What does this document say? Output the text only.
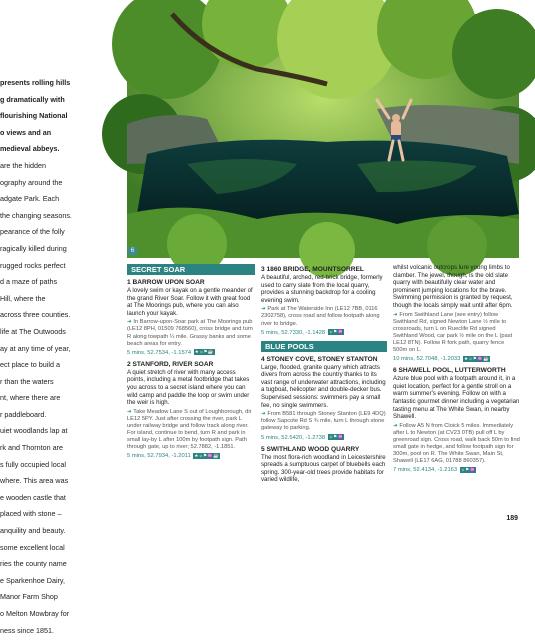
presents rolling hills

g dramatically with

flourishing National

o views and an

medieval abbeys.

are the hidden

ography around the

adgate Park. Each

the changing seasons.

pearance of the folly

ragically killed during

rugged rocks perfect

d a maze of paths

Hill, where the

across three counties.

life at The Outwoods

ay at any time of year,

ect place to build a

r than the waters

nt, where there are

r paddleboard.

uiet woodlands lap at

rk and Thornton are

s fully occupied local

where. This area was

e wooden castle that

placed with stone –

anquility and beauty.

some excellent local

ries the county name

e Sparkenhoe Dairy,

Manor Farm Shop

o Melton Mowbray for

ness since 1851.

6
SECRET SOAR
1 BARROW UPON SOAR
A lovely swim or kayak on a gentle meander of the grand River Soar. Follow it with great food at The Moorings pub, where you can also launch your kayak.
➜ In Barrow-upon-Soar park at The Moorings pub (LE12 8PH, 01509 768560), cross bridge and turn R along towpath ¼ mile. Grassy banks and some beach areas for entry.
5 mins, 52.7534, -1.1574 ★☼⚑☕
2 STANFORD, RIVER SOAR
A quiet stretch of river with many access points, including a metal footbridge that takes you across to a secret island where you can wild camp and paddle the loop or swim under the weir is high.
➜ Take Meadow Lane S out of Loughborough, dir LE12 5PY. Just after crossing the river, park L under railway bridge and follow track along river. For island, continue to bend, turn R and park in small lay-by L after 100m by footpath sign. Path through gate, up to river; 52.7882, -1.1851.
5 mins, 52.7934, -1.2011 ★☼⚑♒☕
3 1860 BRIDGE, MOUNTSORREL
A beautiful, arched, red-brick bridge, formerly used to carry slate from the local quarry, provides a stunning backdrop for a cooling evening swim.
➜ Park at The Waterside Inn (LE12 7BB, 0116 2302758), cross road and follow footpath along river to bridge.
5 mins, 52.7330, -1.1428 ☼⚑♒
BLUE POOLS
4 STONEY COVE, STONEY STANTON
Large, flooded, granite quarry which attracts divers from across the country thanks to its vast range of underwater attractions, including a tugboat, helicopter and double-decker bus. Supervised sessions: swimmers pay a small fee, no single swimmers.
➜ From B581 through Stoney Stanton (LE9 4DQ) follow Sapcote Rd S ¾ mile, turn L through stone gateway to parking.
5 mins, 52.5420, -1.2738 ☼⚑♒
5 SWITHLAND WOOD QUARRY
The most flora-rich woodland in Leicestershire spreads a sumptuous carpet of bluebells each spring. 300-year-old trees provide habitats for varied wildlife,
whilst volcanic outcrops lure young limbs to clamber. The jewel, though, is the old slate quarry with beautifully clear water and prominent jumping locations for the brave. Swimming permission is granted by request, though the locals simply wait until after 6pm.
➜ From Swithland Lane (see entry) follow Swithland Rd, signed Newton Lane ½ mile to crossroads, turn L on Rueclife Rd signed Swithland Wood, car park ½ mile on the L (past LE12 8TN). Follow R fork path, quarry fence 500m on L.
10 mins, 52.7048, -1.2033 ★☼⚑♒☕
6 SHAWELL POOL, LUTTERWORTH
Azure blue pool with a footpath around it, in a quiet location, perfect for a gentle stroll on a warm summer's evening. Follow on with a fantastic gourmet dinner including a vegetarian tasting menu at The White Swan, in nearby Shawell.
➜ Follow A5 N from Cloick 5 miles. Immediately after L to Newton (at CV23 0TB) pull off L by greenroad sign. Cross road, walk back 50m to find small gate in hedge, and follow footpath sign for 300m, pool on R. The White Swan, Main St, Shawell (LE17 6AG, 01788 860357).
7 mins, 52.4134, -1.2163 ☼⚑♒
189
